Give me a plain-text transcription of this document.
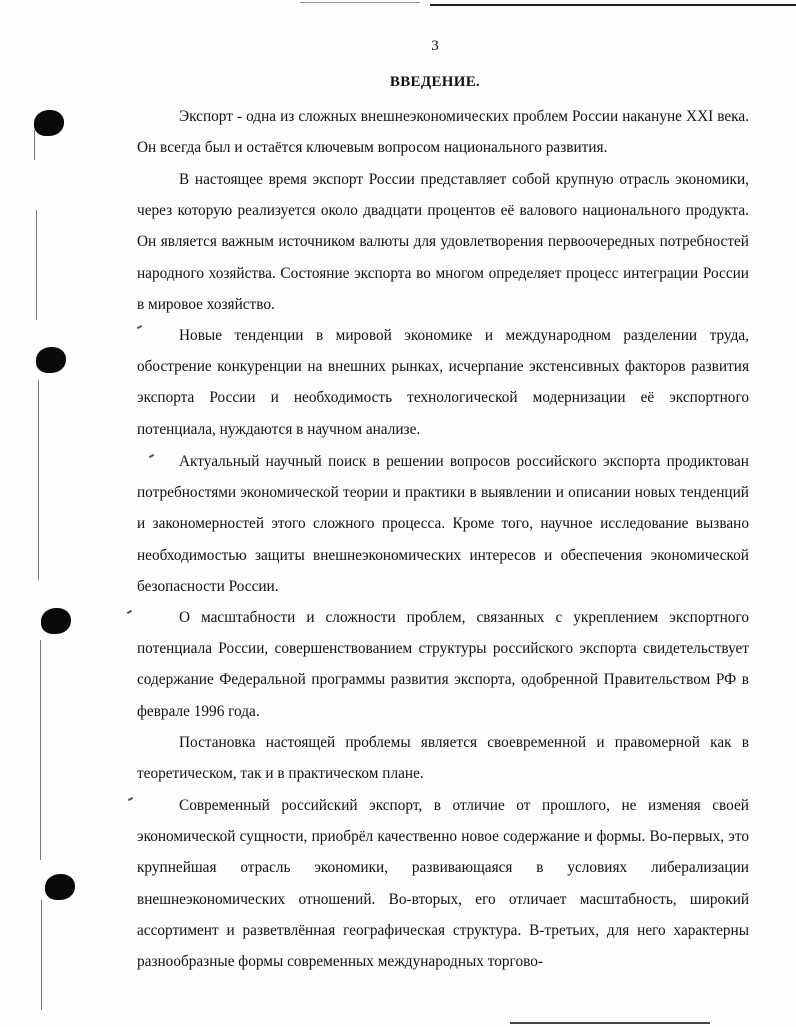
3
ВВЕДЕНИЕ.

Экспорт - одна из сложных внешнеэкономических проблем России накануне XXI века. Он всегда был и остаётся ключевым вопросом национального развития.

В настоящее время экспорт России представляет собой крупную отрасль экономики, через которую реализуется около двадцати процентов её валового национального продукта. Он является важным источником валюты для удовлетворения первоочередных потребностей народного хозяйства. Состояние экспорта во многом определяет процесс интеграции России в мировое хозяйство.

Новые тенденции в мировой экономике и международном разделении труда, обострение конкуренции на внешних рынках, исчерпание экстенсивных факторов развития экспорта России и необходимость технологической модернизации её экспортного потенциала, нуждаются в научном анализе.

Актуальный научный поиск в решении вопросов российского экспорта продиктован потребностями экономической теории и практики в выявлении и описании новых тенденций и закономерностей этого сложного процесса. Кроме того, научное исследование вызвано необходимостью защиты внешнеэкономических интересов и обеспечения экономической безопасности России.

О масштабности и сложности проблем, связанных с укреплением экспортного потенциала России, совершенствованием структуры российского экспорта свидетельствует содержание Федеральной программы развития экспорта, одобренной Правительством РФ в феврале 1996 года.

Постановка настоящей проблемы является своевременной и правомерной как в теоретическом, так и в практическом плане.

Современный российский экспорт, в отличие от прошлого, не изменяя своей экономической сущности, приобрёл качественно новое содержание и формы. Во-первых, это крупнейшая отрасль экономики, развивающаяся в условиях либерализации внешнеэкономических отношений. Во-вторых, его отличает масштабность, широкий ассортимент и разветвлённая географическая структура. В-третьих, для него характерны разнообразные формы современных международных торгово-
